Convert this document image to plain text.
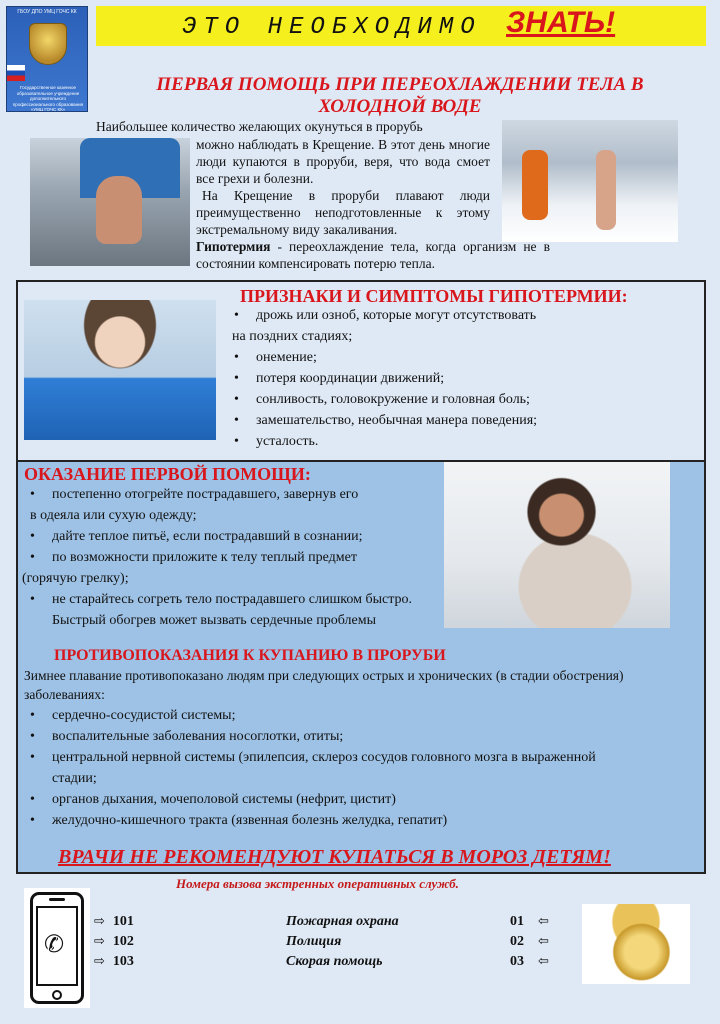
ГБОУ ДПО УМЦ ГОЧС КК
Государственное казенное образовательное учреждение дополнительного профессионального образования «УМЦ ГОЧС КК»
ЭТО НЕОБХОДИМО ЗНАТЬ!
ПЕРВАЯ ПОМОЩЬ ПРИ ПЕРЕОХЛАЖДЕНИИ ТЕЛА В ХОЛОДНОЙ ВОДЕ
Наибольшее количество желающих окунуться в прорубь
можно наблюдать в Крещение. В этот день многие люди купаются в проруби, веря, что вода смоет все грехи и болезни.
На Крещение в проруби плавают люди преимущественно неподготовленные к этому экстремальному виду закаливания.
Гипотермия - переохлаждение тела, когда организм не в состоянии компенсировать потерю тепла.
ПРИЗНАКИ И СИМПТОМЫ ГИПОТЕРМИИ:
• дрожь или озноб, которые могут отсутствовать
на поздних стадиях;
• онемение;
• потеря координации движений;
• сонливость, головокружение и головная боль;
• замешательство, необычная манера поведения;
• усталость.
ОКАЗАНИЕ ПЕРВОЙ ПОМОЩИ:
• постепенно отогрейте пострадавшего, завернув его
в одеяла или сухую одежду;
• дайте теплое питьё, если пострадавший в сознании;
• по возможности приложите к телу теплый предмет
(горячую грелку);
• не старайтесь согреть тело пострадавшего слишком быстро. Быстрый обогрев может вызвать сердечные проблемы
ПРОТИВОПОКАЗАНИЯ К КУПАНИЮ В ПРОРУБИ
Зимнее плавание противопоказано людям при следующих острых и хронических (в стадии обострения) заболеваниях:
• сердечно-сосудистой системы;
• воспалительные заболевания носоглотки, отиты;
• центральной нервной системы (эпилепсия, склероз сосудов головного мозга в выраженной стадии;
• органов дыхания, мочеполовой системы (нефрит, цистит)
• желудочно-кишечного тракта (язвенная болезнь желудка, гепатит)
ВРАЧИ НЕ РЕКОМЕНДУЮТ КУПАТЬСЯ В МОРОЗ ДЕТЯМ!
Номера вызова экстренных оперативных служб.
✆
⇨ 101
⇨ 102
⇨ 103
Пожарная охрана
Полиция
Скорая помощь
01 ⇦
02 ⇦
03 ⇦
